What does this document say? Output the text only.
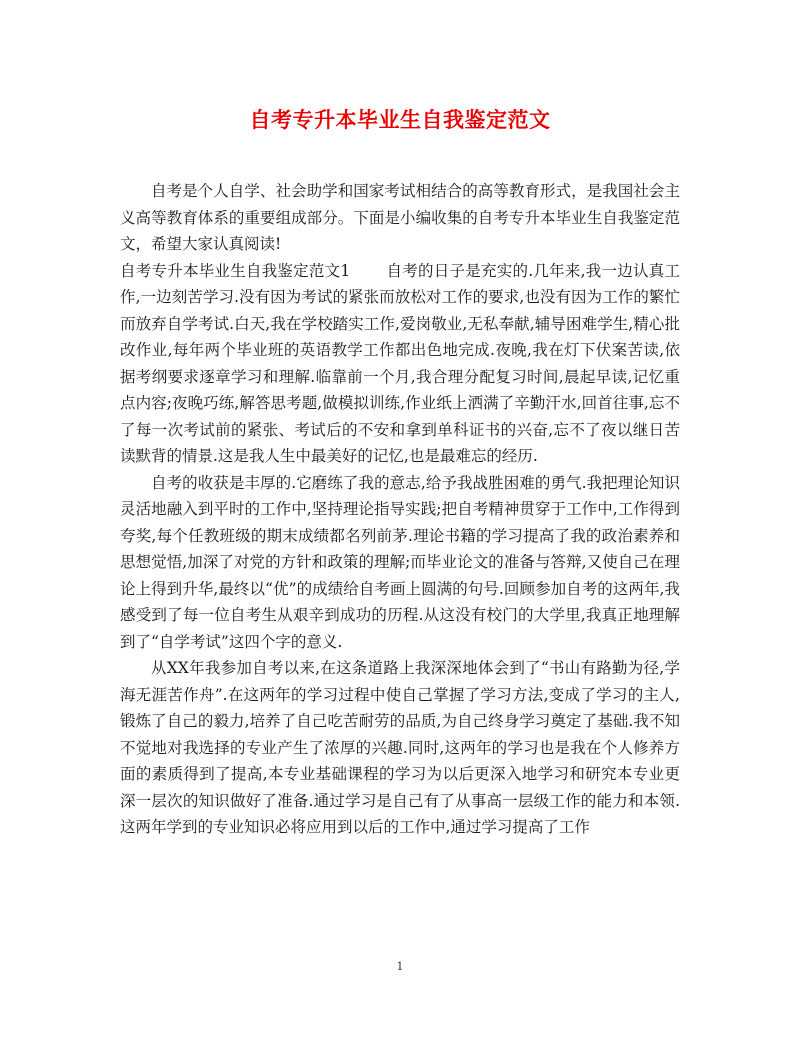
自考专升本毕业生自我鉴定范文

自考是个人自学、社会助学和国家考试相结合的高等教育形式，是我国社会主义高等教育体系的重要组成部分。下面是小编收集的自考专升本毕业生自我鉴定范文，希望大家认真阅读!

自考专升本毕业生自我鉴定范文1 自考的日子是充实的.几年来,我一边认真工作,一边刻苦学习.没有因为考试的紧张而放松对工作的要求,也没有因为工作的繁忙而放弃自学考试.白天,我在学校踏实工作,爱岗敬业,无私奉献,辅导困难学生,精心批改作业,每年两个毕业班的英语教学工作都出色地完成.夜晚,我在灯下伏案苦读,依据考纲要求逐章学习和理解.临靠前一个月,我合理分配复习时间,晨起早读,记忆重点内容;夜晚巧练,解答思考题,做模拟训练,作业纸上洒满了辛勤汗水,回首往事,忘不了每一次考试前的紧张、考试后的不安和拿到单科证书的兴奋,忘不了夜以继日苦读默背的情景.这是我人生中最美好的记忆,也是最难忘的经历.

自考的收获是丰厚的.它磨练了我的意志,给予我战胜困难的勇气.我把理论知识灵活地融入到平时的工作中,坚持理论指导实践;把自考精神贯穿于工作中,工作得到夸奖,每个任教班级的期末成绩都名列前茅.理论书籍的学习提高了我的政治素养和思想觉悟,加深了对党的方针和政策的理解;而毕业论文的准备与答辩,又使自己在理论上得到升华,最终以“优”的成绩给自考画上圆满的句号.回顾参加自考的这两年,我感受到了每一位自考生从艰辛到成功的历程.从这没有校门的大学里,我真正地理解到了“自学考试”这四个字的意义.

从XX年我参加自考以来,在这条道路上我深深地体会到了“书山有路勤为径,学海无涯苦作舟”.在这两年的学习过程中使自己掌握了学习方法,变成了学习的主人,锻炼了自己的毅力,培养了自己吃苦耐劳的品质,为自己终身学习奠定了基础.我不知不觉地对我选择的专业产生了浓厚的兴趣.同时,这两年的学习也是我在个人修养方面的素质得到了提高,本专业基础课程的学习为以后更深入地学习和研究本专业更深一层次的知识做好了准备.通过学习是自己有了从事高一层级工作的能力和本领.这两年学到的专业知识必将应用到以后的工作中,通过学习提高了工作

1
